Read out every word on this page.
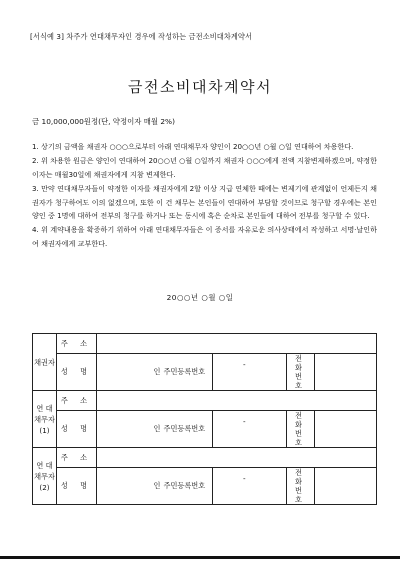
[서식예 3] 차주가 연대채무자인 경우에 작성하는 금전소비대차계약서
금전소비대차계약서
금 10,000,000원정(단, 약정이자 매월 2%)

1. 상기의 금액을 채권자 ○○○으로부터 아래 연대채무자 양인이 20○○년 ○월 ○일 연대하여 차용한다.

2. 위 차용한 원금은 양인이 연대하여 20○○년 ○월 ○일까지 채권자 ○○○에게 전액 지참변제하겠으며, 약정한 이자는 매월30일에 채권자에게 지참 변제한다.

3. 만약 연대채무자들이 약정한 이자를 채권자에게 2할 이상 지급 연체한 때에는 변제기에 관계없이 언제든지 채권자가 청구하여도 이의 없겠으며, 또한 이 건 채무는 본인들이 연대하여 부담할 것이므로 청구할 경우에는 본인 양인 중 1명에 대하여 전부의 청구를 하거나 또는 동시에 혹은 순차로 본인들에 대하여 전부를 청구할 수 있다.

4. 위 계약내용을 확증하기 위하여 아래 연대채무자들은 이 증서를 자유로운 의사상태에서 작성하고 서명·날인하여 채권자에게 교부한다.

20○○년 ○월 ○일
채권자	주 소					
	성 명	인	주민등록번호	-	전 화
번 호	
연 대
채무자
(1)	주 소					
	성 명	인	주민등록번호	-	전 화
번 호	
연 대
채무자
(2)	주 소					
	성 명	인	주민등록번호	-	전 화
번 호	
